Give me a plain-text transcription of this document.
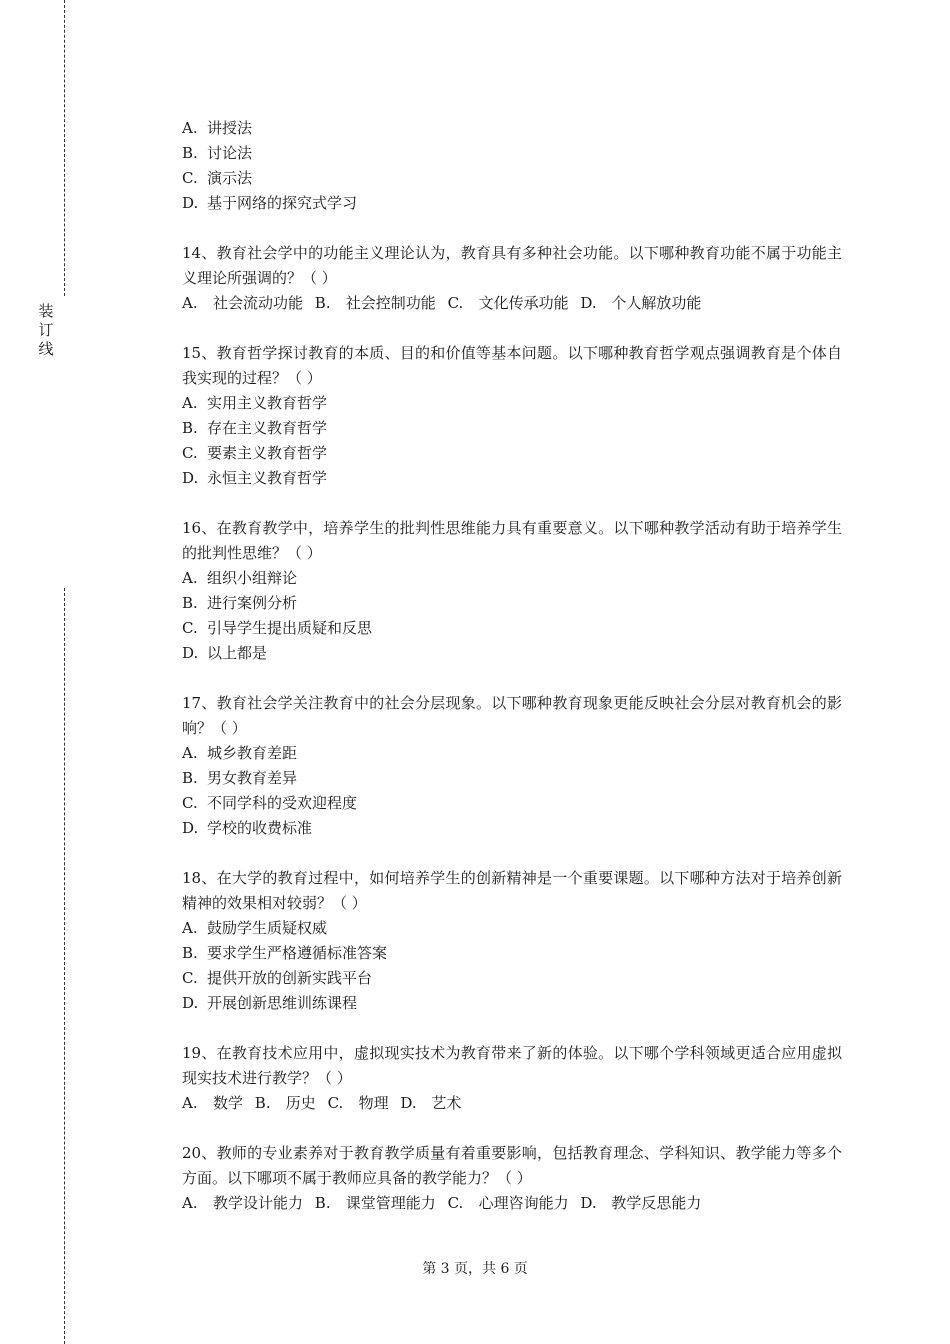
装
订
线
A. 讲授法
B. 讨论法
C. 演示法
D. 基于网络的探究式学习
14、教育社会学中的功能主义理论认为，教育具有多种社会功能。以下哪种教育功能不属于功能主义理论所强调的？（ ）
A. 社会流动功能 B. 社会控制功能 C. 文化传承功能 D. 个人解放功能
15、教育哲学探讨教育的本质、目的和价值等基本问题。以下哪种教育哲学观点强调教育是个体自我实现的过程？（ ）
A. 实用主义教育哲学
B. 存在主义教育哲学
C. 要素主义教育哲学
D. 永恒主义教育哲学
16、在教育教学中，培养学生的批判性思维能力具有重要意义。以下哪种教学活动有助于培养学生的批判性思维？（ ）
A. 组织小组辩论
B. 进行案例分析
C. 引导学生提出质疑和反思
D. 以上都是
17、教育社会学关注教育中的社会分层现象。以下哪种教育现象更能反映社会分层对教育机会的影响？（ ）
A. 城乡教育差距
B. 男女教育差异
C. 不同学科的受欢迎程度
D. 学校的收费标准
18、在大学的教育过程中，如何培养学生的创新精神是一个重要课题。以下哪种方法对于培养创新精神的效果相对较弱？（ ）
A. 鼓励学生质疑权威
B. 要求学生严格遵循标准答案
C. 提供开放的创新实践平台
D. 开展创新思维训练课程
19、在教育技术应用中，虚拟现实技术为教育带来了新的体验。以下哪个学科领域更适合应用虚拟现实技术进行教学？（ ）
A. 数学 B. 历史 C. 物理 D. 艺术
20、教师的专业素养对于教育教学质量有着重要影响，包括教育理念、学科知识、教学能力等多个方面。以下哪项不属于教师应具备的教学能力？（ ）
A. 教学设计能力 B. 课堂管理能力 C. 心理咨询能力 D. 教学反思能力
第 3 页，共 6 页
